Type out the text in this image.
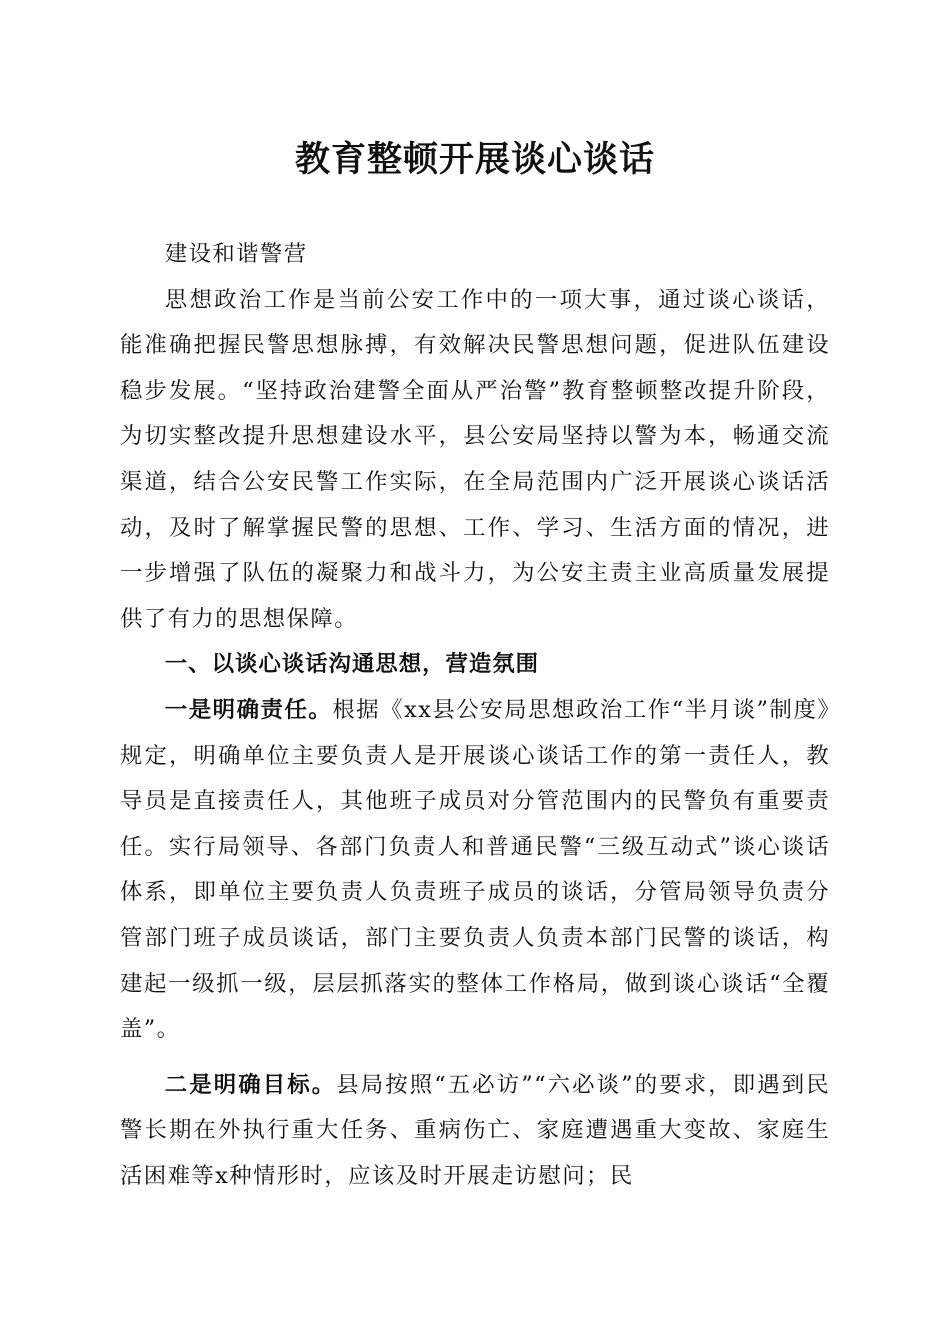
教育整顿开展谈心谈话

建设和谐警营

思想政治工作是当前公安工作中的一项大事，通过谈心谈话，能准确把握民警思想脉搏，有效解决民警思想问题，促进队伍建设稳步发展。“坚持政治建警全面从严治警”教育整顿整改提升阶段，为切实整改提升思想建设水平，县公安局坚持以警为本，畅通交流渠道，结合公安民警工作实际，在全局范围内广泛开展谈心谈话活动，及时了解掌握民警的思想、工作、学习、生活方面的情况，进一步增强了队伍的凝聚力和战斗力，为公安主责主业高质量发展提供了有力的思想保障。

一、以谈心谈话沟通思想，营造氛围

一是明确责任。根据《xx县公安局思想政治工作“半月谈”制度》规定，明确单位主要负责人是开展谈心谈话工作的第一责任人，教导员是直接责任人，其他班子成员对分管范围内的民警负有重要责任。实行局领导、各部门负责人和普通民警“三级互动式”谈心谈话体系，即单位主要负责人负责班子成员的谈话，分管局领导负责分管部门班子成员谈话，部门主要负责人负责本部门民警的谈话，构建起一级抓一级，层层抓落实的整体工作格局，做到谈心谈话“全覆盖”。

二是明确目标。县局按照“五必访”“六必谈”的要求，即遇到民警长期在外执行重大任务、重病伤亡、家庭遭遇重大变故、家庭生活困难等x种情形时，应该及时开展走访慰问；民
